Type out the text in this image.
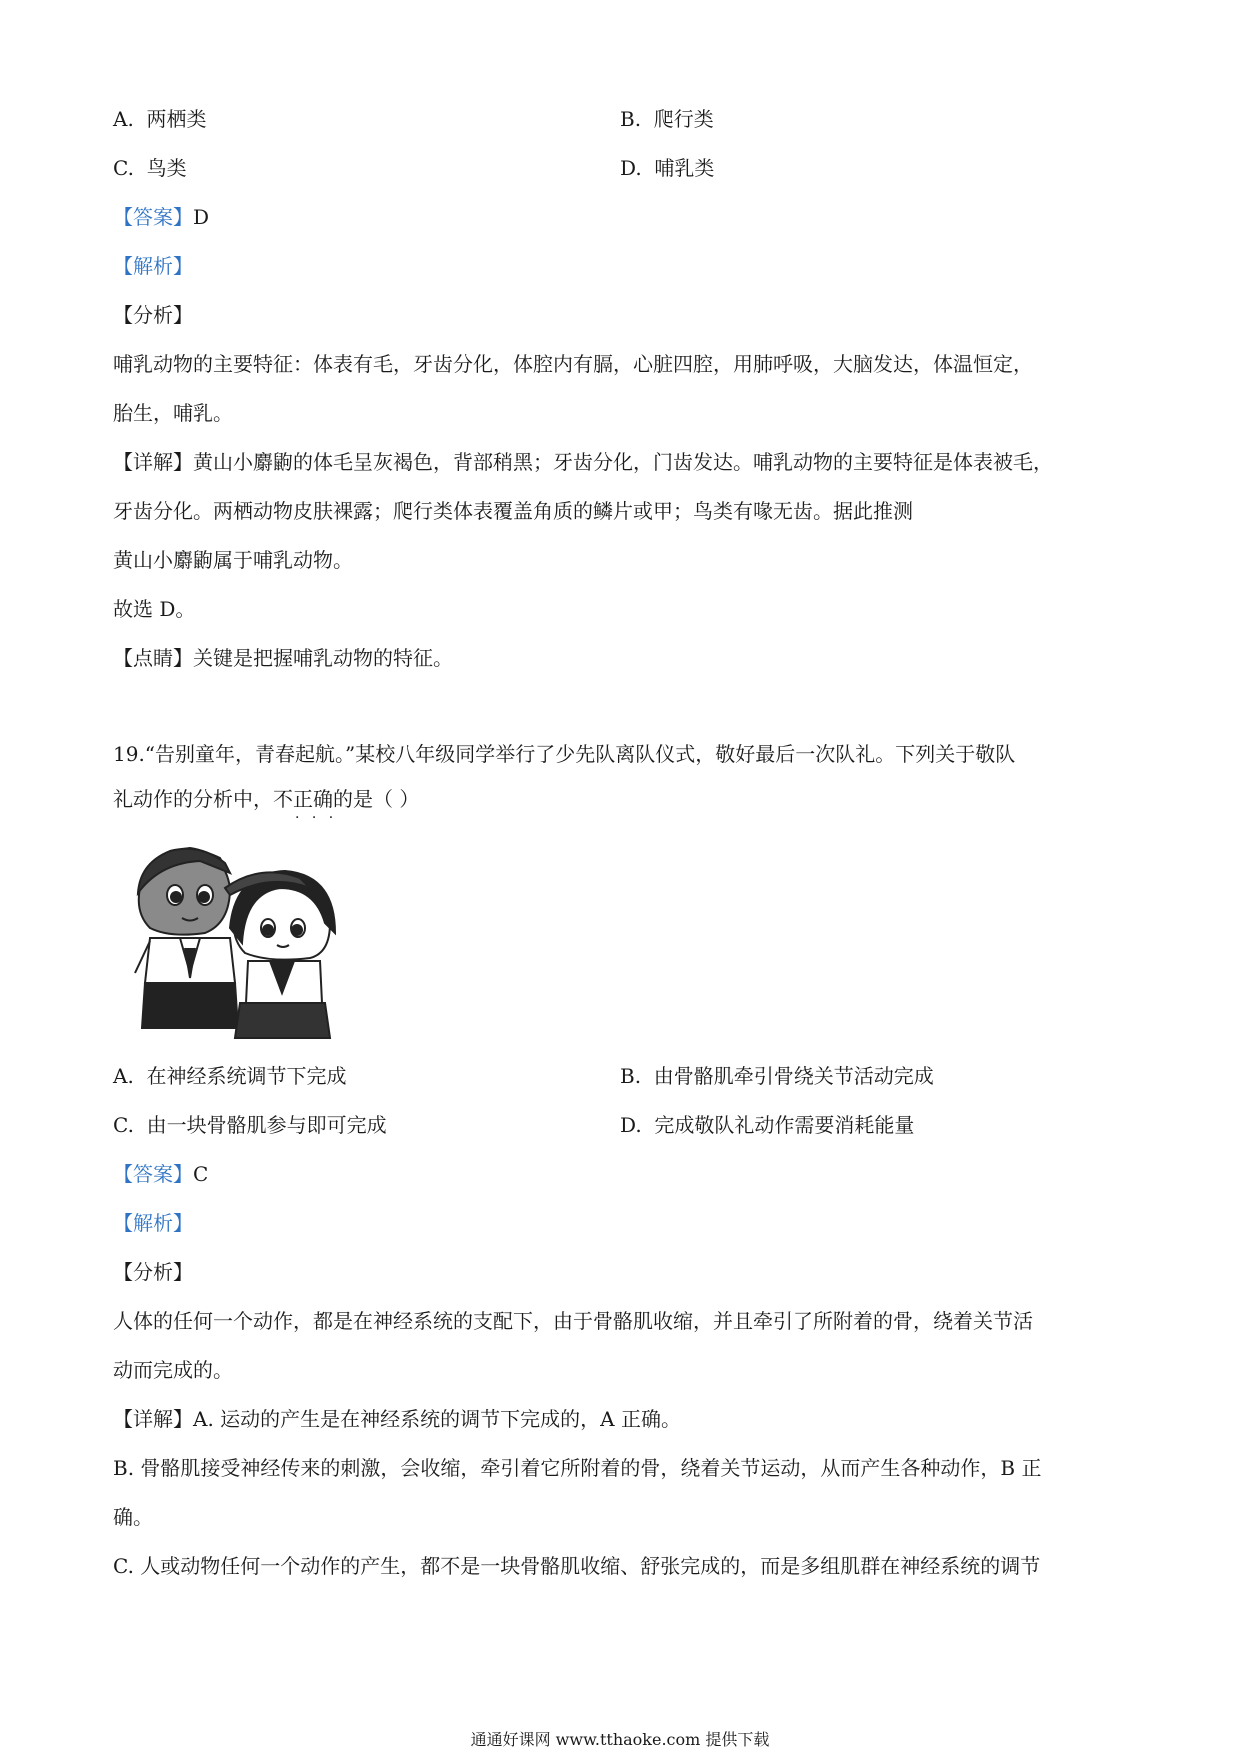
A. 两栖类	B. 爬行类
C. 鸟类	D. 哺乳类
【答案】D
【解析】
【分析】
哺乳动物的主要特征：体表有毛，牙齿分化，体腔内有膈，心脏四腔，用肺呼吸，大脑发达，体温恒定，
胎生，哺乳。
【详解】黄山小麝鼩的体毛呈灰褐色，背部稍黑；牙齿分化，门齿发达。哺乳动物的主要特征是体表被毛，
牙齿分化。两栖动物皮肤裸露；爬行类体表覆盖角质的鳞片或甲；鸟类有喙无齿。据此推测
黄山小麝鼩属于哺乳动物。
故选 D。
【点睛】关键是把握哺乳动物的特征。
19.“告别童年，青春起航。”某校八年级同学举行了少先队离队仪式，敬好最后一次队礼。下列关于敬队
礼动作的分析中，不正确的是（ ）
· · ·
A. 在神经系统调节下完成	B. 由骨骼肌牵引骨绕关节活动完成
C. 由一块骨骼肌参与即可完成	D. 完成敬队礼动作需要消耗能量
【答案】C
【解析】
【分析】
人体的任何一个动作，都是在神经系统的支配下，由于骨骼肌收缩，并且牵引了所附着的骨，绕着关节活
动而完成的。
【详解】A. 运动的产生是在神经系统的调节下完成的，A 正确。
B. 骨骼肌接受神经传来的刺激，会收缩，牵引着它所附着的骨，绕着关节运动，从而产生各种动作，B 正
确。
C. 人或动物任何一个动作的产生，都不是一块骨骼肌收缩、舒张完成的，而是多组肌群在神经系统的调节
通通好课网 www.tthaoke.com 提供下载
